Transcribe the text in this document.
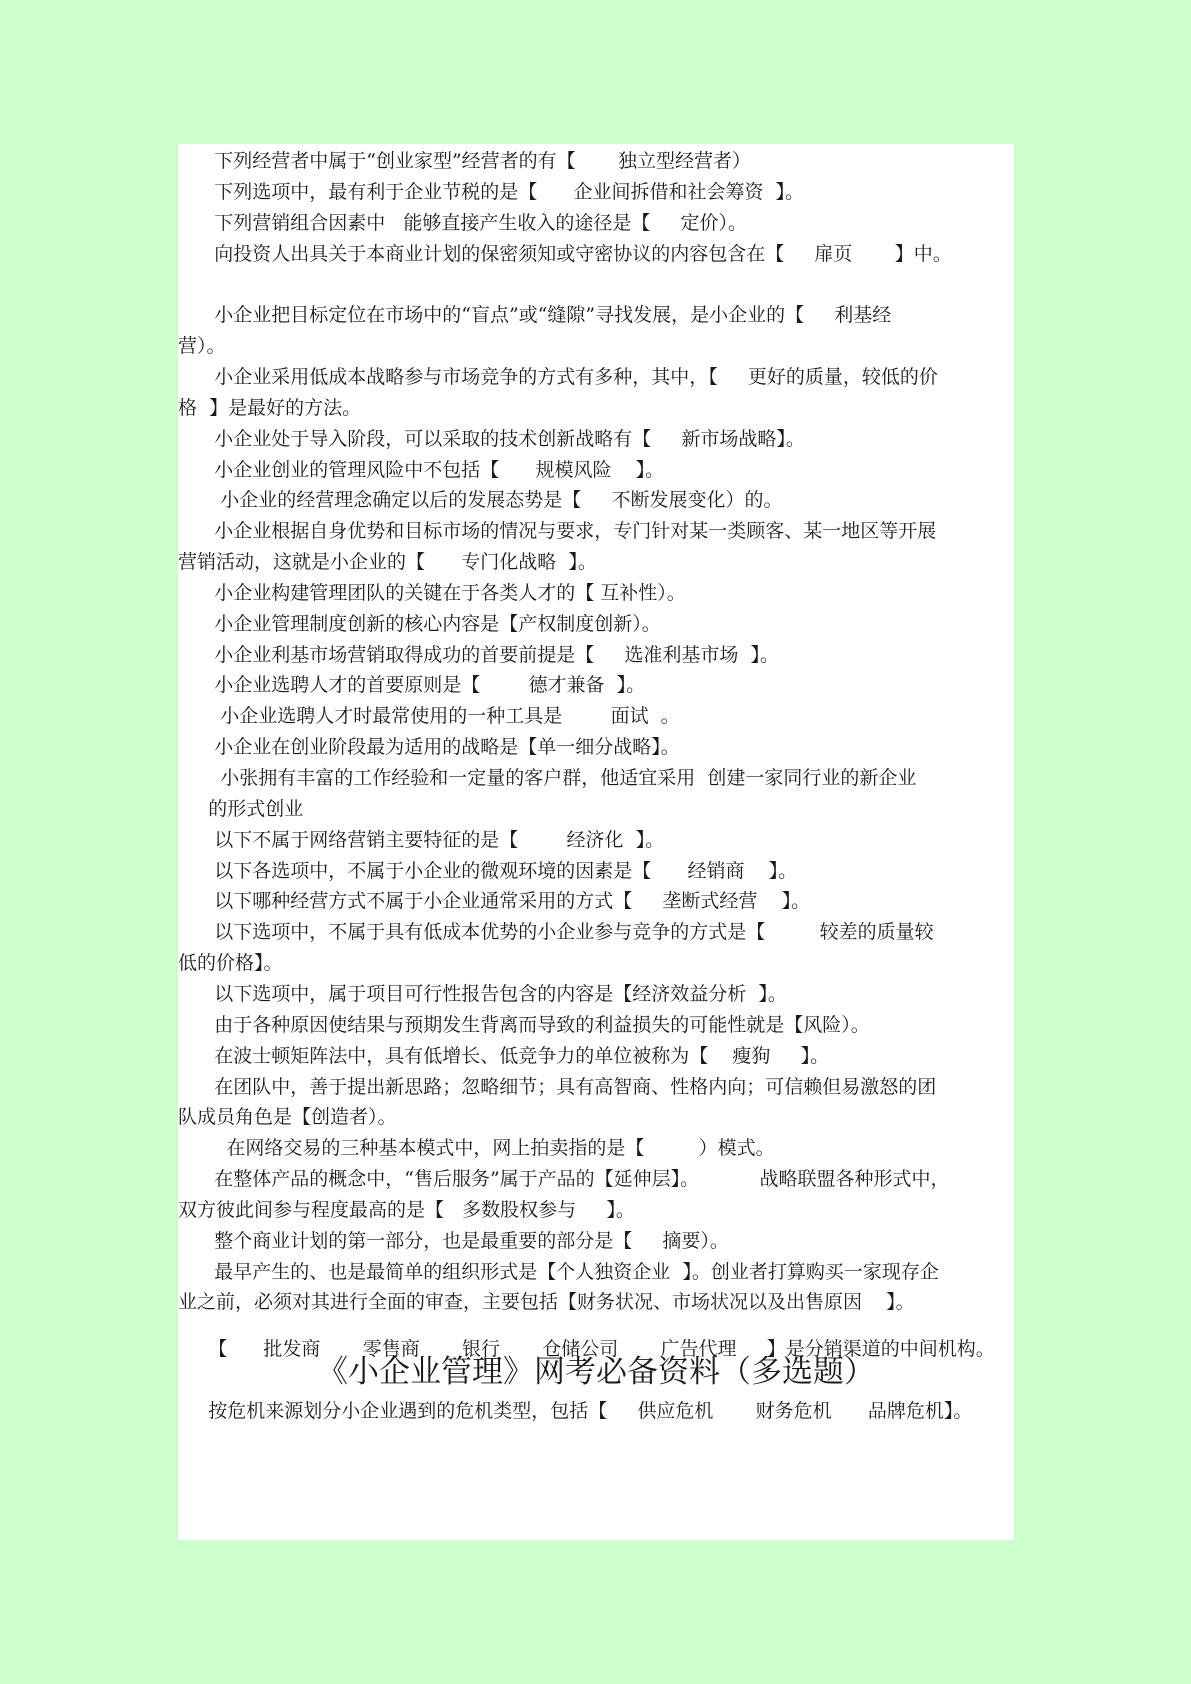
下列经营者中属于“创业家型”经营者的有【       独立型经营者）
下列选项中，最有利于企业节税的是【      企业间拆借和社会筹资  】。
下列营销组合因素中   能够直接产生收入的途径是【     定价）。
向投资人出具关于本商业计划的保密须知或守密协议的内容包含在【     扉页       】中。
小企业把目标定位在市场中的“盲点”或“缝隙”寻找发展，是小企业的【     利基经
营）。
小企业采用低成本战略参与市场竞争的方式有多种，其中，【     更好的质量，较低的价
格  】是最好的方法。
小企业处于导入阶段，可以采取的技术创新战略有【     新市场战略】。
小企业创业的管理风险中不包括【      规模风险    】。
小企业的经营理念确定以后的发展态势是【     不断发展变化）的。
小企业根据自身优势和目标市场的情况与要求，专门针对某一类顾客、某一地区等开展
营销活动，这就是小企业的【      专门化战略  】。
小企业构建管理团队的关键在于各类人才的【 互补性）。
小企业管理制度创新的核心内容是【产权制度创新）。
小企业利基市场营销取得成功的首要前提是【     选准利基市场  】。
小企业选聘人才的首要原则是【        德才兼备  】。
小企业选聘人才时最常使用的一种工具是        面试  。
小企业在创业阶段最为适用的战略是【单一细分战略】。
小张拥有丰富的工作经验和一定量的客户群，他适宜采用  创建一家同行业的新企业
的形式创业
以下不属于网络营销主要特征的是【        经济化  】。
以下各选项中，不属于小企业的微观环境的因素是【      经销商    】。
以下哪种经营方式不属于小企业通常采用的方式【     垄断式经营    】。
以下选项中，不属于具有低成本优势的小企业参与竞争的方式是【         较差的质量较
低的价格】。
以下选项中，属于项目可行性报告包含的内容是【经济效益分析  】。
由于各种原因使结果与预期发生背离而导致的利益损失的可能性就是【风险）。
在波士顿矩阵法中，具有低增长、低竞争力的单位被称为【    瘦狗     】。
在团队中，善于提出新思路；忽略细节；具有高智商、性格内向；可信赖但易激怒的团
队成员角色是【创造者）。
在网络交易的三种基本模式中，网上拍卖指的是【         ）模式。
在整体产品的概念中，“售后服务”属于产品的【延伸层】。          战略联盟各种形式中，
双方彼此间参与程度最高的是【   多数股权参与     】。
整个商业计划的第一部分，也是最重要的部分是【     摘要）。
最早产生的、也是最简单的组织形式是【个人独资企业  】。创业者打算购买一家现存企
业之前，必须对其进行全面的审查，主要包括【财务状况、市场状况以及出售原因    】。
《小企业管理》网考必备资料（多选题）
【      批发商       零售商       银行       仓储公司       广告代理     】是分销渠道的中间机构。
按危机来源划分小企业遇到的危机类型，包括【     供应危机       财务危机      品牌危机】。
